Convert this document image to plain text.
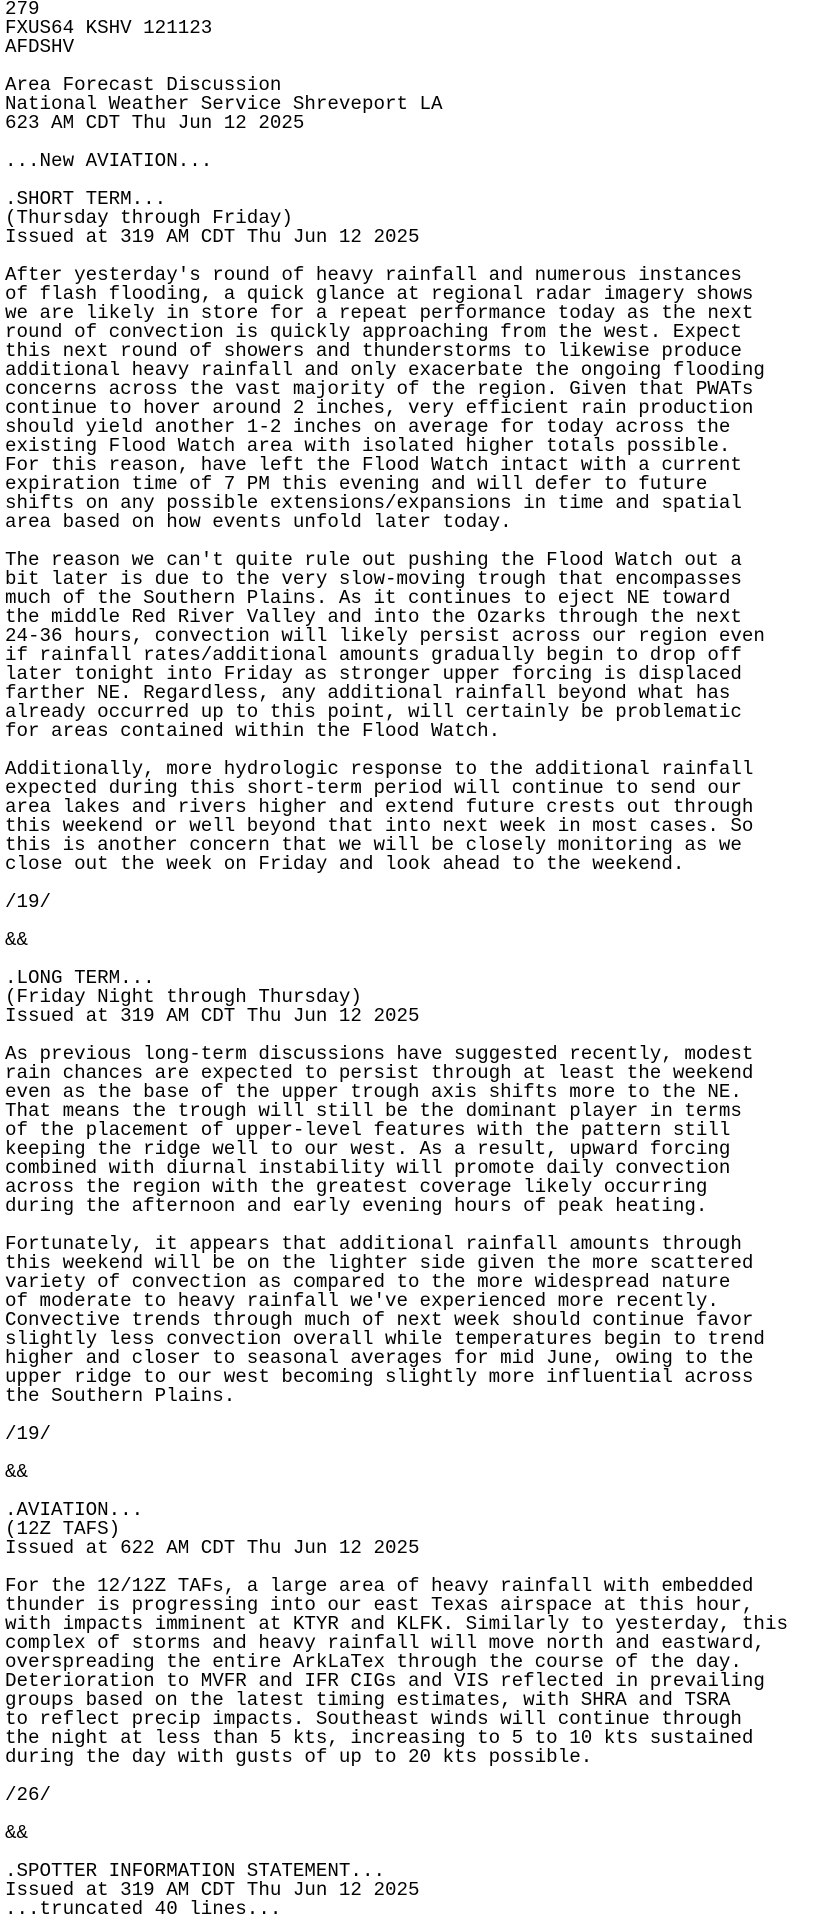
279
FXUS64 KSHV 121123
AFDSHV
Area Forecast Discussion
National Weather Service Shreveport LA
623 AM CDT Thu Jun 12 2025
...New AVIATION...
.SHORT TERM...
(Thursday through Friday)
Issued at 319 AM CDT Thu Jun 12 2025
After yesterday's round of heavy rainfall and numerous instances
of flash flooding, a quick glance at regional radar imagery shows
we are likely in store for a repeat performance today as the next
round of convection is quickly approaching from the west. Expect
this next round of showers and thunderstorms to likewise produce
additional heavy rainfall and only exacerbate the ongoing flooding
concerns across the vast majority of the region. Given that PWATs
continue to hover around 2 inches, very efficient rain production
should yield another 1-2 inches on average for today across the
existing Flood Watch area with isolated higher totals possible.
For this reason, have left the Flood Watch intact with a current
expiration time of 7 PM this evening and will defer to future
shifts on any possible extensions/expansions in time and spatial
area based on how events unfold later today.
The reason we can't quite rule out pushing the Flood Watch out a
bit later is due to the very slow-moving trough that encompasses
much of the Southern Plains. As it continues to eject NE toward
the middle Red River Valley and into the Ozarks through the next
24-36 hours, convection will likely persist across our region even
if rainfall rates/additional amounts gradually begin to drop off
later tonight into Friday as stronger upper forcing is displaced
farther NE. Regardless, any additional rainfall beyond what has
already occurred up to this point, will certainly be problematic
for areas contained within the Flood Watch.
Additionally, more hydrologic response to the additional rainfall
expected during this short-term period will continue to send our
area lakes and rivers higher and extend future crests out through
this weekend or well beyond that into next week in most cases. So
this is another concern that we will be closely monitoring as we
close out the week on Friday and look ahead to the weekend.
/19/
&&
.LONG TERM...
(Friday Night through Thursday)
Issued at 319 AM CDT Thu Jun 12 2025
As previous long-term discussions have suggested recently, modest
rain chances are expected to persist through at least the weekend
even as the base of the upper trough axis shifts more to the NE.
That means the trough will still be the dominant player in terms
of the placement of upper-level features with the pattern still
keeping the ridge well to our west. As a result, upward forcing
combined with diurnal instability will promote daily convection
across the region with the greatest coverage likely occurring
during the afternoon and early evening hours of peak heating.
Fortunately, it appears that additional rainfall amounts through
this weekend will be on the lighter side given the more scattered
variety of convection as compared to the more widespread nature
of moderate to heavy rainfall we've experienced more recently.
Convective trends through much of next week should continue favor
slightly less convection overall while temperatures begin to trend
higher and closer to seasonal averages for mid June, owing to the
upper ridge to our west becoming slightly more influential across
the Southern Plains.
/19/
&&
.AVIATION...
(12Z TAFS)
Issued at 622 AM CDT Thu Jun 12 2025
For the 12/12Z TAFs, a large area of heavy rainfall with embedded
thunder is progressing into our east Texas airspace at this hour,
with impacts imminent at KTYR and KLFK. Similarly to yesterday, this
complex of storms and heavy rainfall will move north and eastward,
overspreading the entire ArkLaTex through the course of the day.
Deterioration to MVFR and IFR CIGs and VIS reflected in prevailing
groups based on the latest timing estimates, with SHRA and TSRA
to reflect precip impacts. Southeast winds will continue through
the night at less than 5 kts, increasing to 5 to 10 kts sustained
during the day with gusts of up to 20 kts possible.
/26/
&&
.SPOTTER INFORMATION STATEMENT...
Issued at 319 AM CDT Thu Jun 12 2025
...truncated 40 lines...
